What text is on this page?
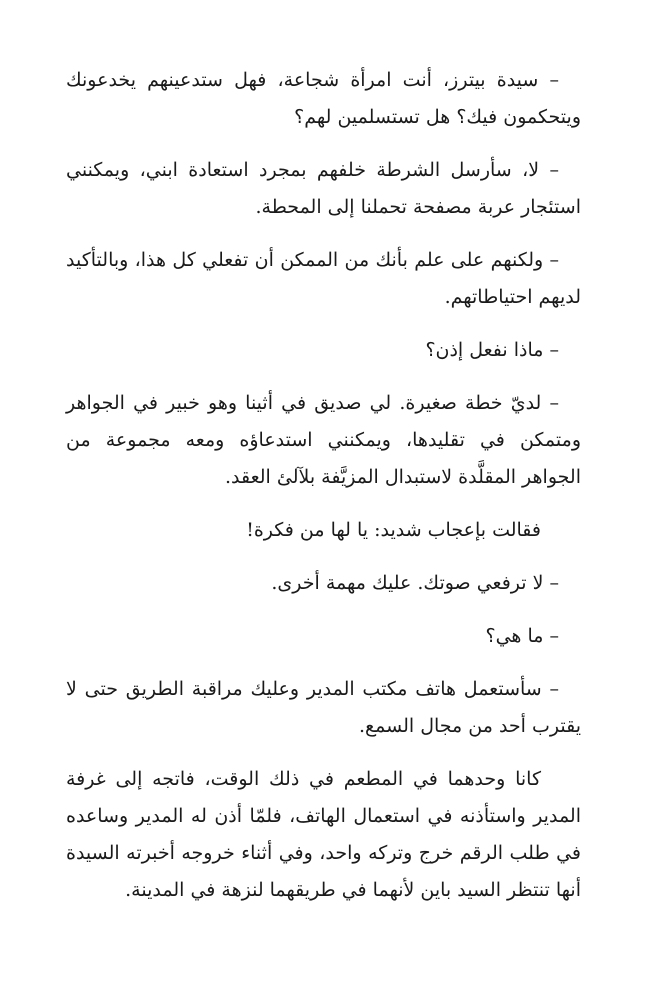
– سيدة بيترز، أنت امرأة شجاعة، فهل ستدعينهم يخدعونك ويتحكمون فيك؟ هل تستسلمين لهم؟

– لا، سأرسل الشرطة خلفهم بمجرد استعادة ابني، ويمكنني استئجار عربة مصفحة تحملنا إلى المحطة.

– ولكنهم على علم بأنك من الممكن أن تفعلي كل هذا، وبالتأكيد لديهم احتياطاتهم.

– ماذا نفعل إذن؟

– لديّ خطة صغيرة. لي صديق في أثينا وهو خبير في الجواهر ومتمكن في تقليدها، ويمكنني استدعاؤه ومعه مجموعة من الجواهر المقلَّدة لاستبدال المزيَّفة بلآلئ العقد.

فقالت بإعجاب شديد: يا لها من فكرة!

– لا ترفعي صوتك. عليك مهمة أخرى.

– ما هي؟

– سأستعمل هاتف مكتب المدير وعليك مراقبة الطريق حتى لا يقترب أحد من مجال السمع.

كانا وحدهما في المطعم في ذلك الوقت، فاتجه إلى غرفة المدير واستأذنه في استعمال الهاتف، فلمّا أذن له المدير وساعده في طلب الرقم خرج وتركه واحد، وفي أثناء خروجه أخبرته السيدة أنها تنتظر السيد باين لأنهما في طريقهما لنزهة في المدينة.
